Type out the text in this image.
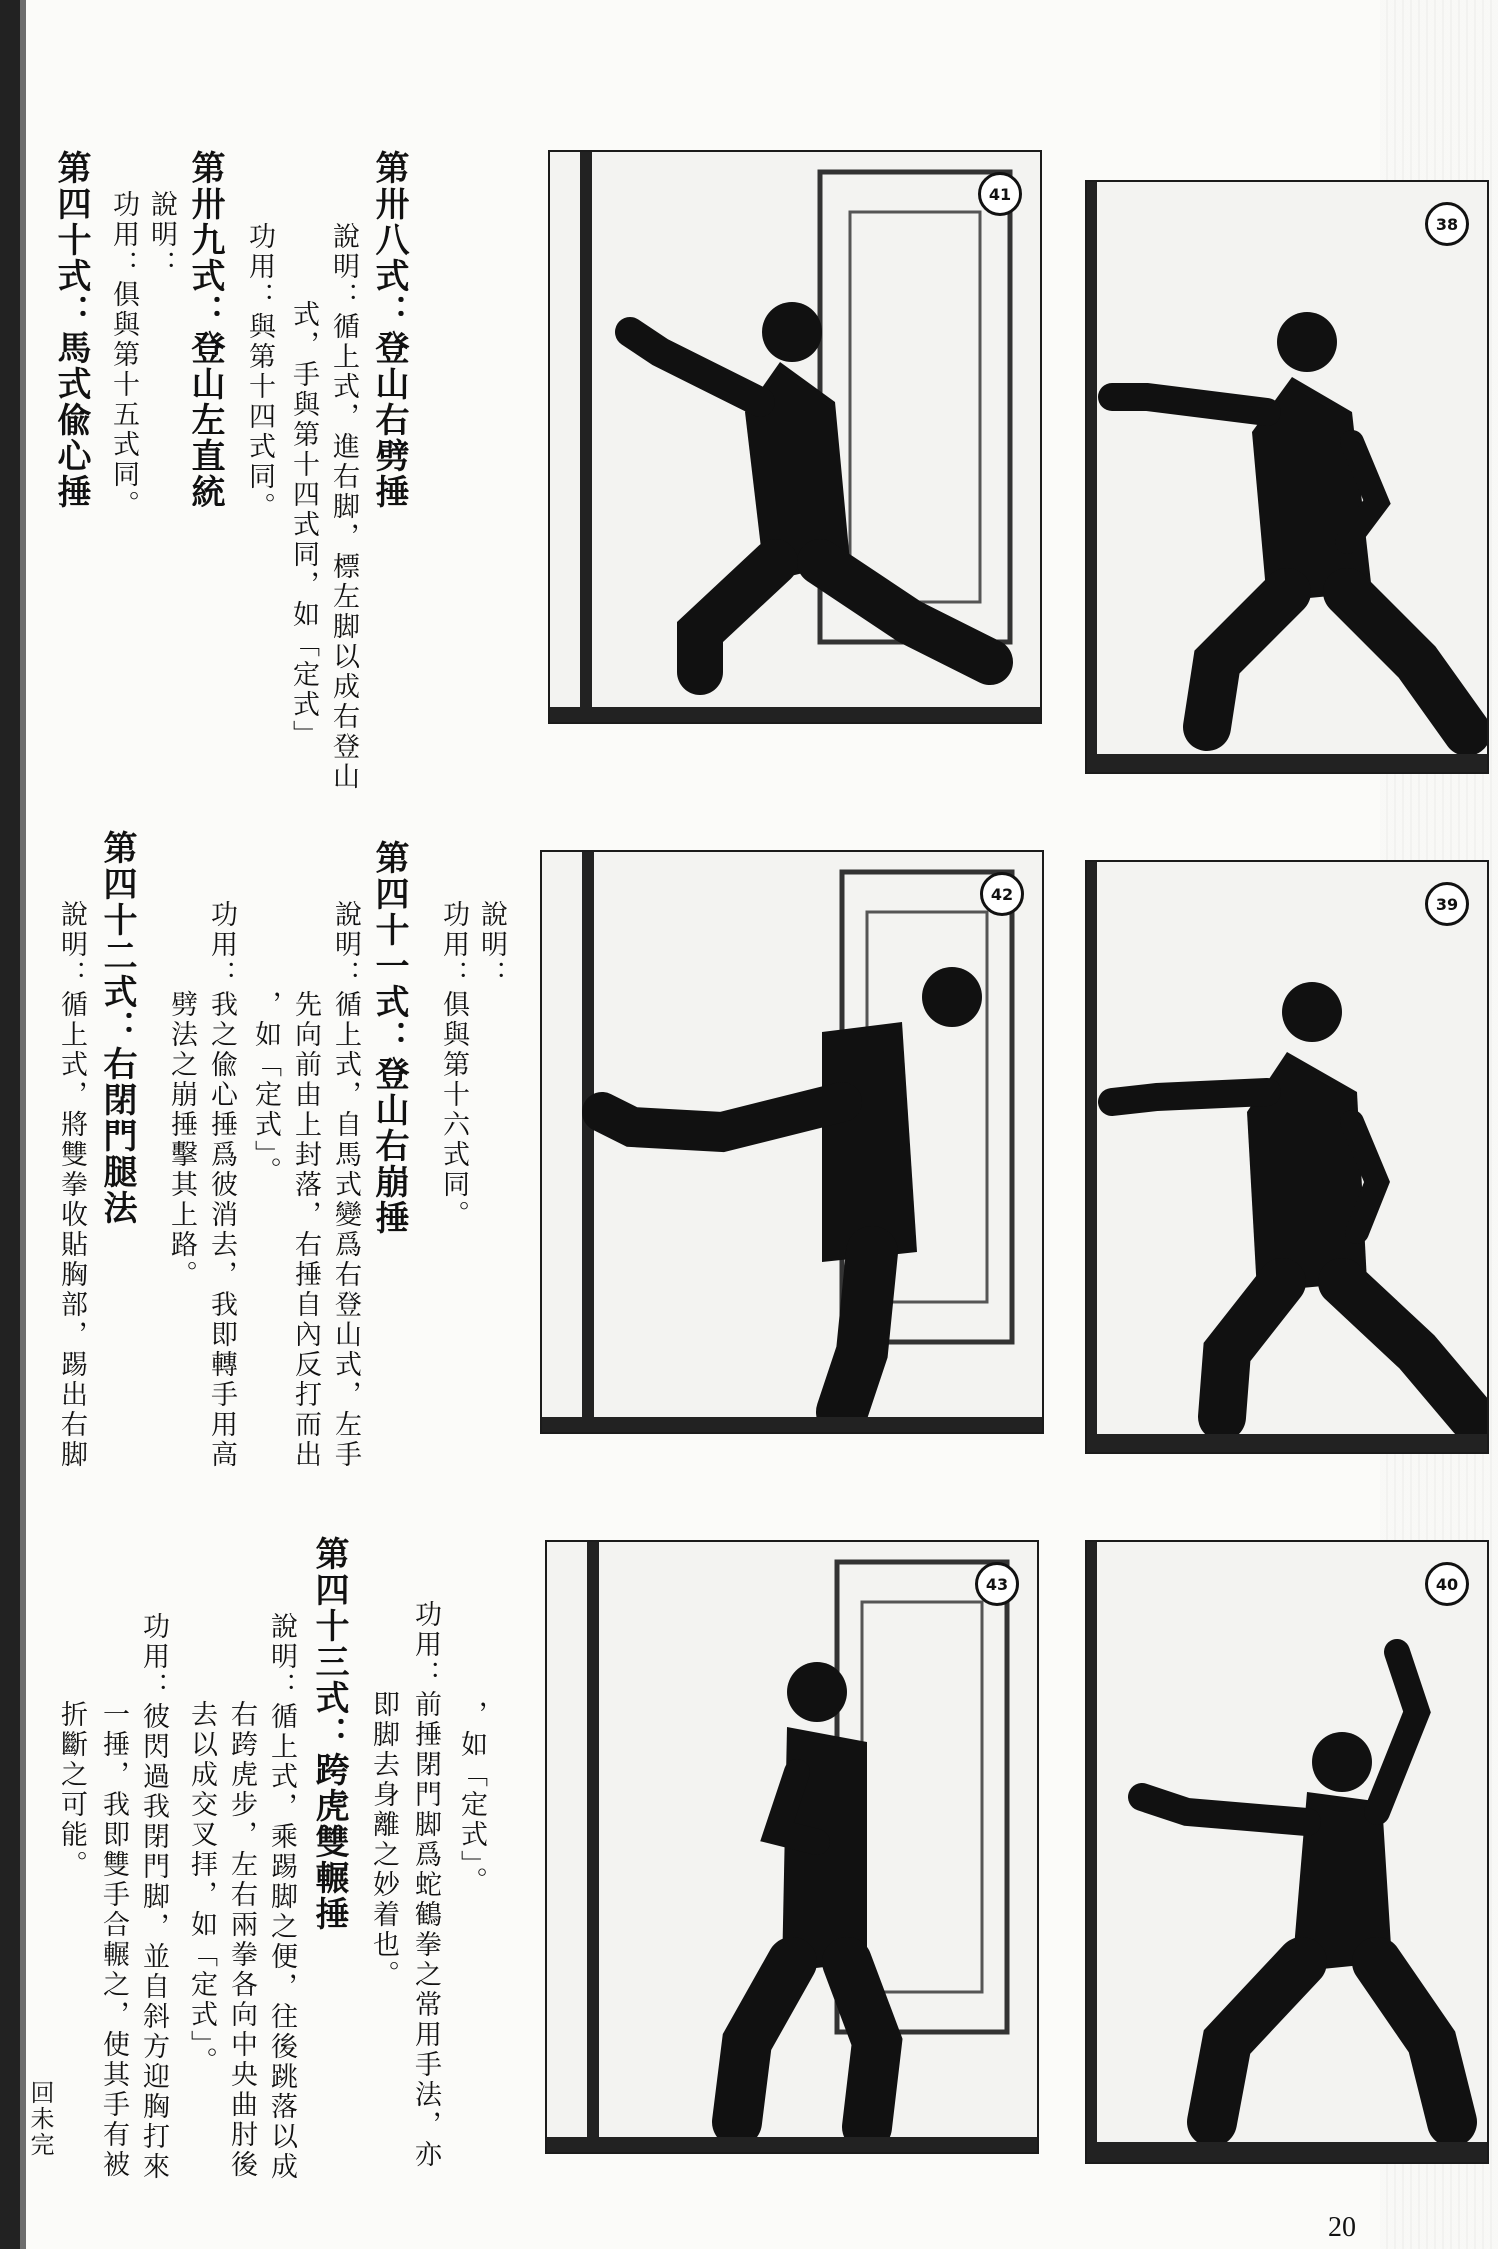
第卅八式：登山右劈捶
說明：循上式，進右脚，標左脚以成右登山
式，手與第十四式同，如「定式」
功用：與第十四式同。
第卅九式：登山左直統
說明：
功用：俱與第十五式同。
第四十式：馬式偸心捶
說明：
功用：俱與第十六式同。
第四十一式：登山右崩捶
說明：循上式，自馬式變爲右登山式，左手
先向前由上封落，右捶自內反打而出
，如「定式」。
功用：我之偸心捶爲彼消去，我即轉手用高
劈法之崩捶擊其上路。
第四十二式：右閉門腿法
說明：循上式，將雙拳收貼胸部，踢出右脚
，如「定式」。
功用：前捶閉門脚爲蛇鶴拳之常用手法，亦
即脚去身離之妙着也。
第四十三式：跨虎雙輾捶
說明：循上式，乘踢脚之便，往後跳落以成
右跨虎步，左右兩拳各向中央曲肘後
去以成交叉拝，如「定式」。
功用：彼閃過我閉門脚，並自斜方迎胸打來
一捶，我即雙手合輾之，使其手有被
折斷之可能。
回未完
41
38
42
39
43	40
20
